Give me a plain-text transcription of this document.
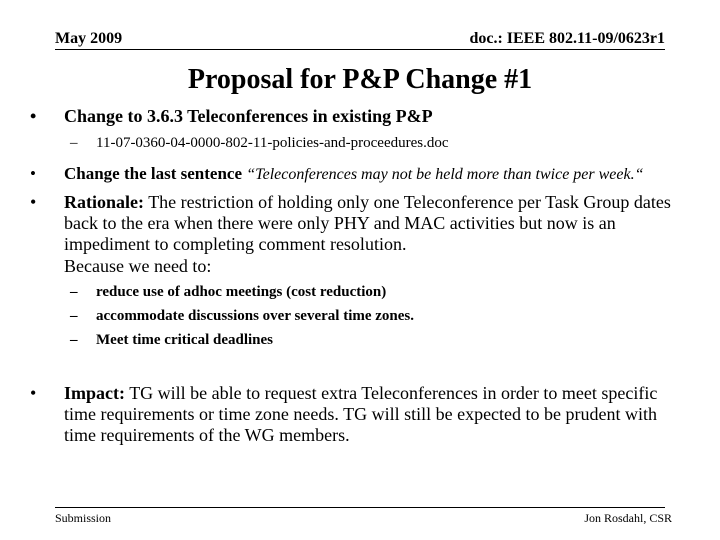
May 2009	doc.: IEEE 802.11-09/0623r1
Proposal for P&P Change #1
• Change to 3.6.3 Teleconferences in existing P&P
– 11-07-0360-04-0000-802-11-policies-and-proceedures.doc
• Change the last sentence “Teleconferences may not be held more than twice per week.“
• Rationale: The restriction of holding only one Teleconference per Task Group dates back to the era when there were only PHY and MAC activities but now is an impediment to completing comment resolution.
Because we need to:
– reduce use of adhoc meetings (cost reduction)
– accommodate discussions over several time zones.
– Meet time critical deadlines
• Impact: TG will be able to request extra Teleconferences in order to meet specific time requirements or time zone needs. TG will still be expected to be prudent with time requirements of the WG members.
Submission	Jon Rosdahl, CSR
